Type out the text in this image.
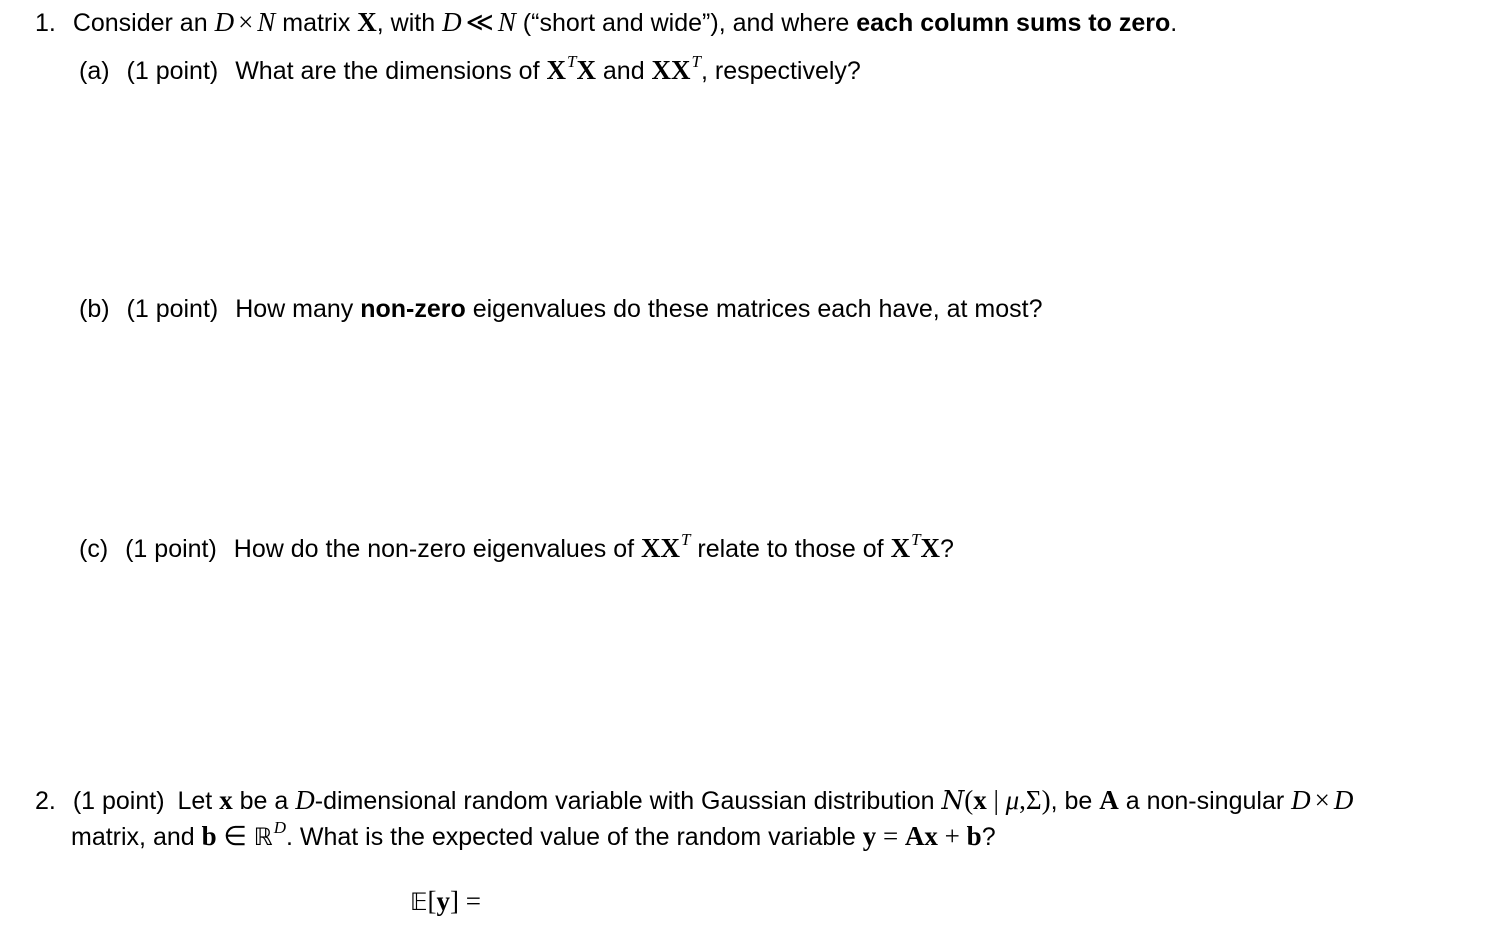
1. Consider an D × N matrix X, with D ≪ N (“short and wide”), and where each column sums to zero.
(a) (1 point) What are the dimensions of $X^TX$ and $XX^T$, respectively?
(b) (1 point) How many non-zero eigenvalues do these matrices each have, at most?
(c) (1 point) How do the non-zero eigenvalues of $XX^T$ relate to those of $X^TX$?
2. (1 point) Let x be a D-dimensional random variable with Gaussian distribution N(x | μ,Σ), be A a non-singular D × D
matrix, and b ∈ ℝ$^D$. What is the expected value of the random variable y = Ax + b?
𝔼[y] =
